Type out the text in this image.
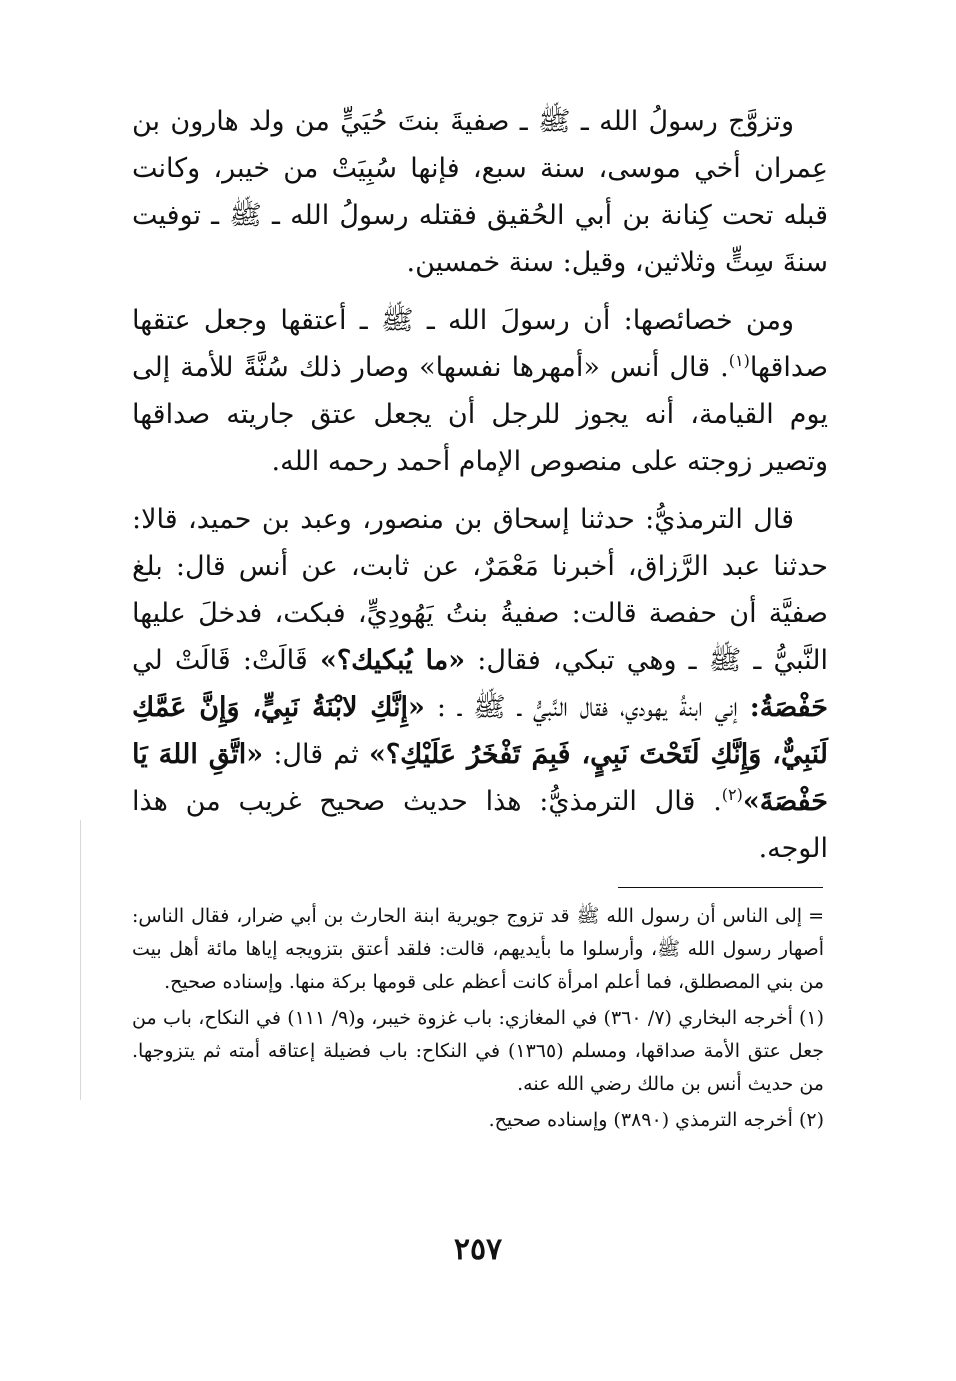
وتزوَّج رسولُ الله ـ ﷺ ـ صفيةَ بنتَ حُيَيٍّ من ولد هارون بن عِمران أخي موسى، سنة سبع، فإنها سُبِيَتْ من خيبر، وكانت قبله تحت كِنانة بن أبي الحُقيق فقتله رسولُ الله ـ ﷺ ـ توفيت سنةَ سِتٍّ وثلاثين، وقيل: سنة خمسين.

ومن خصائصها: أن رسولَ الله ـ ﷺ ـ أعتقها وجعل عتقها صداقها$^{(١)}$. قال أنس «أمهرها نفسها» وصار ذلك سُنَّةً للأمة إلى يوم القيامة، أنه يجوز للرجل أن يجعل عتق جاريته صداقها وتصير زوجته على منصوص الإمام أحمد رحمه الله.

قال الترمذيُّ: حدثنا إسحاق بن منصور، وعبد بن حميد، قالا: حدثنا عبد الرَّزاق، أخبرنا مَعْمَرٌ، عن ثابت، عن أنس قال: بلغ صفيَّة أن حفصة قالت: صفيةُ بنتُ يَهُودِيٍّ، فبكت، فدخلَ عليها النَّبيُّ ـ ﷺ ـ وهي تبكي، فقال: «ما يُبكيك؟» قَالَتْ: قَالَتْ لي حَفْصَةُ: إني ابنةُ يهودي، فقال النَّبيُّ ـ ﷺ ـ : «إِنَّكِ لابْنَةُ نَبِيٍّ، وَإِنَّ عَمَّكِ لَنَبِيٌّ، وَإِنَّكِ لَتَحْتَ نَبِيٍ، فَبِمَ تَفْخَرُ عَلَيْكِ؟» ثم قال: «اتَّقِ اللهَ يَا حَفْصَةَ»$^{(٢)}$. قال الترمذيُّ: هذا حديث صحيح غريب من هذا الوجه.

=إلى الناس أن رسول الله ﷺ قد تزوج جويرية ابنة الحارث بن أبي ضرار، فقال الناس: أصهار رسول الله ﷺ، وأرسلوا ما بأيديهم، قالت: فلقد أعتق بتزويجه إياها مائة أهل بيت من بني المصطلق، فما أعلم امرأة كانت أعظم على قومها بركة منها. وإسناده صحيح.

(١)أخرجه البخاري (٧/ ٣٦٠) في المغازي: باب غزوة خيبر، و(٩/ ١١١) في النكاح، باب من جعل عتق الأمة صداقها، ومسلم (١٣٦٥) في النكاح: باب فضيلة إعتاقه أمته ثم يتزوجها. من حديث أنس بن مالك رضي الله عنه.

(٢)أخرجه الترمذي (٣٨٩٠) وإسناده صحيح.

٢٥٧
